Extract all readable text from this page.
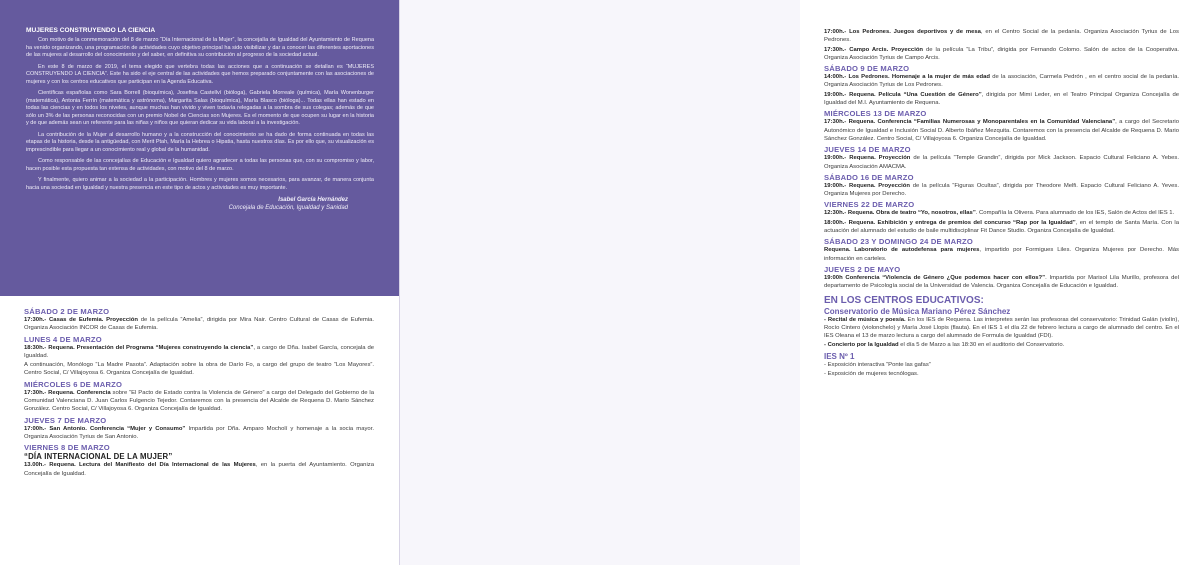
MUJERES CONSTRUYENDO LA CIENCIA

Con motivo de la conmemoración del 8 de marzo “Día Internacional de la Mujer”, la concejalía de Igualdad del Ayuntamiento de Requena ha venido organizando, una programación de actividades cuyo objetivo principal ha sido visibilizar y dar a conocer las diferentes aportaciones de las mujeres al desarrollo del conocimiento y del saber, en definitiva su contribución al progreso de la sociedad actual.

En este 8 de marzo de 2019, el tema elegido que vertebra todas las acciones que a continuación se detallan es “MUJERES CONSTRUYENDO LA CIENCIA”. Este ha sido el eje central de las actividades que hemos preparado conjuntamente con las asociaciones de mujeres y con los centros educativos que participan en la Agenda Educativa.

Científicas españolas como Sara Borrell (bioquímica), Josefina Castellví (bióloga), Gabriela Morreale (química), María Wonenburger (matemática), Antonia Ferrín (matemática y astrónoma), Margarita Salas (bioquímica), María Blasco (bióloga)... Todas ellas han estado en todas las ciencias y en todos los niveles, aunque muchas han vivido y viven todavía relegadas a la sombra de sus colegas; además de que sólo un 3% de las personas reconocidas con un premio Nobel de Ciencias son Mujeres. Es el momento de que ocupen su lugar en la historia y de que además sean un referente para las niñas y niños que quieran dedicar su vida laboral a la investigación.

La contribución de la Mujer al desarrollo humano y a la construcción del conocimiento se ha dado de forma continuada en todas las etapas de la historia, desde la antigüedad, con Merit Ptah, María la Hebrea o Hipatia, hasta nuestros días. Es por ello que, su visualización es imprescindible para llegar a un conocimiento real y global de la humanidad.

Como responsable de las concejalías de Educación e Igualdad quiero agradecer a todas las personas que, con su compromiso y labor, hacen posible esta propuesta tan extensa de actividades, con motivo del 8 de marzo.

Y finalmente, quiero animar a la sociedad a la participación. Hombres y mujeres somos necesarios, para avanzar, de manera conjunta hacia una sociedad en Igualdad y nuestra presencia en este tipo de actos y actividades es muy importante.

Isabel García Hernández
Concejala de Educación, Igualdad y Sanidad
SÁBADO 2 DE MARZO

17:30h.- Casas de Eufemia. Proyección de la película “Amelia”, dirigida por Mira Nair. Centro Cultural de Casas de Eufemia. Organiza Asociación INCOR de Casas de Eufemia.

LUNES 4 DE MARZO

18:30h.- Requena. Presentación del Programa “Mujeres construyendo la ciencia”, a cargo de Dña. Isabel García, concejala de Igualdad.

A continuación, Monólogo “La Madre Pasota”. Adaptación sobre la obra de Darío Fo, a cargo del grupo de teatro “Los Mayores”. Centro Social, C/ Villajoyosa 6. Organiza Concejalía de Igualdad.

MIÉRCOLES 6 DE MARZO

17:30h.- Requena. Conferencia sobre “El Pacto de Estado contra la Violencia de Género” a cargo del Delegado del Gobierno de la Comunidad Valenciana D. Juan Carlos Fulgencio Tejedor. Contaremos con la presencia del Alcalde de Requena D. Mario Sánchez González. Centro Social, C/ Villajoyosa 6. Organiza Concejalía de Igualdad.

JUEVES 7 DE MARZO

17:00h.- San Antonio. Conferencia “Mujer y Consumo” Impartida por Dña. Amparo Mocholí y homenaje a la socia mayor. Organiza Asociación Tyrius de San Antonio.

VIERNES 8 DE MARZO
“DÍA INTERNACIONAL DE LA MUJER”

13.00h.- Requena. Lectura del Manifiesto del Día Internacional de las Mujeres, en la puerta del Ayuntamiento. Organiza Concejalía de Igualdad.

17:00h.- Los Pedrones. Juegos deportivos y de mesa, en el Centro Social de la pedanía. Organiza Asociación Tyrius de Los Pedrones.

17:30h.- Campo Arcis. Proyección de la película “La Tribu”, dirigida por Fernando Colomo. Salón de actos de la Cooperativa. Organiza Asociación Tyrius de Campo Arcis.

SÁBADO 9 DE MARZO

14:00h.- Los Pedrones. Homenaje a la mujer de más edad de la asociación, Carmela Pedrón , en el centro social de la pedanía. Organiza Asociación Tyrius de Los Pedrones.

19:00h.- Requena. Película “Una Cuestión de Género”, dirigida por Mimi Leder, en el Teatro Principal Organiza Concejalía de Igualdad del M.I. Ayuntamiento de Requena.

MIÉRCOLES 13 DE MARZO

17:30h.- Requena. Conferencia “Familias Numerosas y Monoparentales en la Comunidad Valenciana”, a cargo del Secretario Autonómico de Igualdad e Inclusión Social D. Alberto Ibáñez Mezquita. Contaremos con la presencia del Alcalde de Requena D. Mario Sánchez González. Centro Social, C/ Villajoyosa 6. Organiza Concejalía de Igualdad.

JUEVES 14 DE MARZO

19:00h.- Requena. Proyección de la película “Temple Grandin”, dirigida por Mick Jackson. Espacio Cultural Feliciano A. Yebes. Organiza Asociación AMACMA.

SÁBADO 16 DE MARZO

19:00h.- Requena. Proyección de la película “Figuras Ocultas”, dirigida por Theodore Melfi. Espacio Cultural Feliciano A. Yeves. Organiza Mujeres por Derecho.

VIERNES 22 DE MARZO

12:30h.- Requena. Obra de teatro “Yo, nosotros, ellas”. Compañía la Olivera. Para alumnado de los IES, Salón de Actos del IES 1.

18:00h.- Requena. Exhibición y entrega de premios del concurso “Rap por la Igualdad”, en el templo de Santa María. Con la actuación del alumnado del estudio de baile multidisciplinar Fit Dance Studio. Organiza Concejalía de Igualdad.

SÁBADO 23 Y DOMINGO 24 DE MARZO

Requena. Laboratorio de autodefensa para mujeres, impartido por Formigues Liles. Organiza Mujeres por Derecho. Más información en carteles.

JUEVES 2 DE MAYO

19:00h Conferencia “Violencia de Género ¿Que podemos hacer con ellos?”. Impartida por Marisol Lila Murillo, profesora del departamento de Psicología social de la Universidad de Valencia. Organiza Concejalía de Educación e Igualdad.

EN LOS CENTROS EDUCATIVOS:
Conservatorio de Música Mariano Pérez Sánchez

- Recital de música y poesía. En los IES de Requena. Las interpretes serán las profesoras del conservatorio: Trinidad Galán (violín), Rocío Cintero (violonchelo) y María José Llopis (flauta). En el IES 1 el día 22 de febrero lectura a cargo de alumnado del centro. En el IES Oleana el 13 de marzo lectura a cargo del alumnado de Formula de Igualdad (FDI).

- Concierto por la Igualdad el día 5 de Marzo a las 18:30 en el auditorio del Conservatorio.

IES Nº 1

- Exposición interactiva “Ponte las gafas”

- Exposición de mujeres tecnólogas.
